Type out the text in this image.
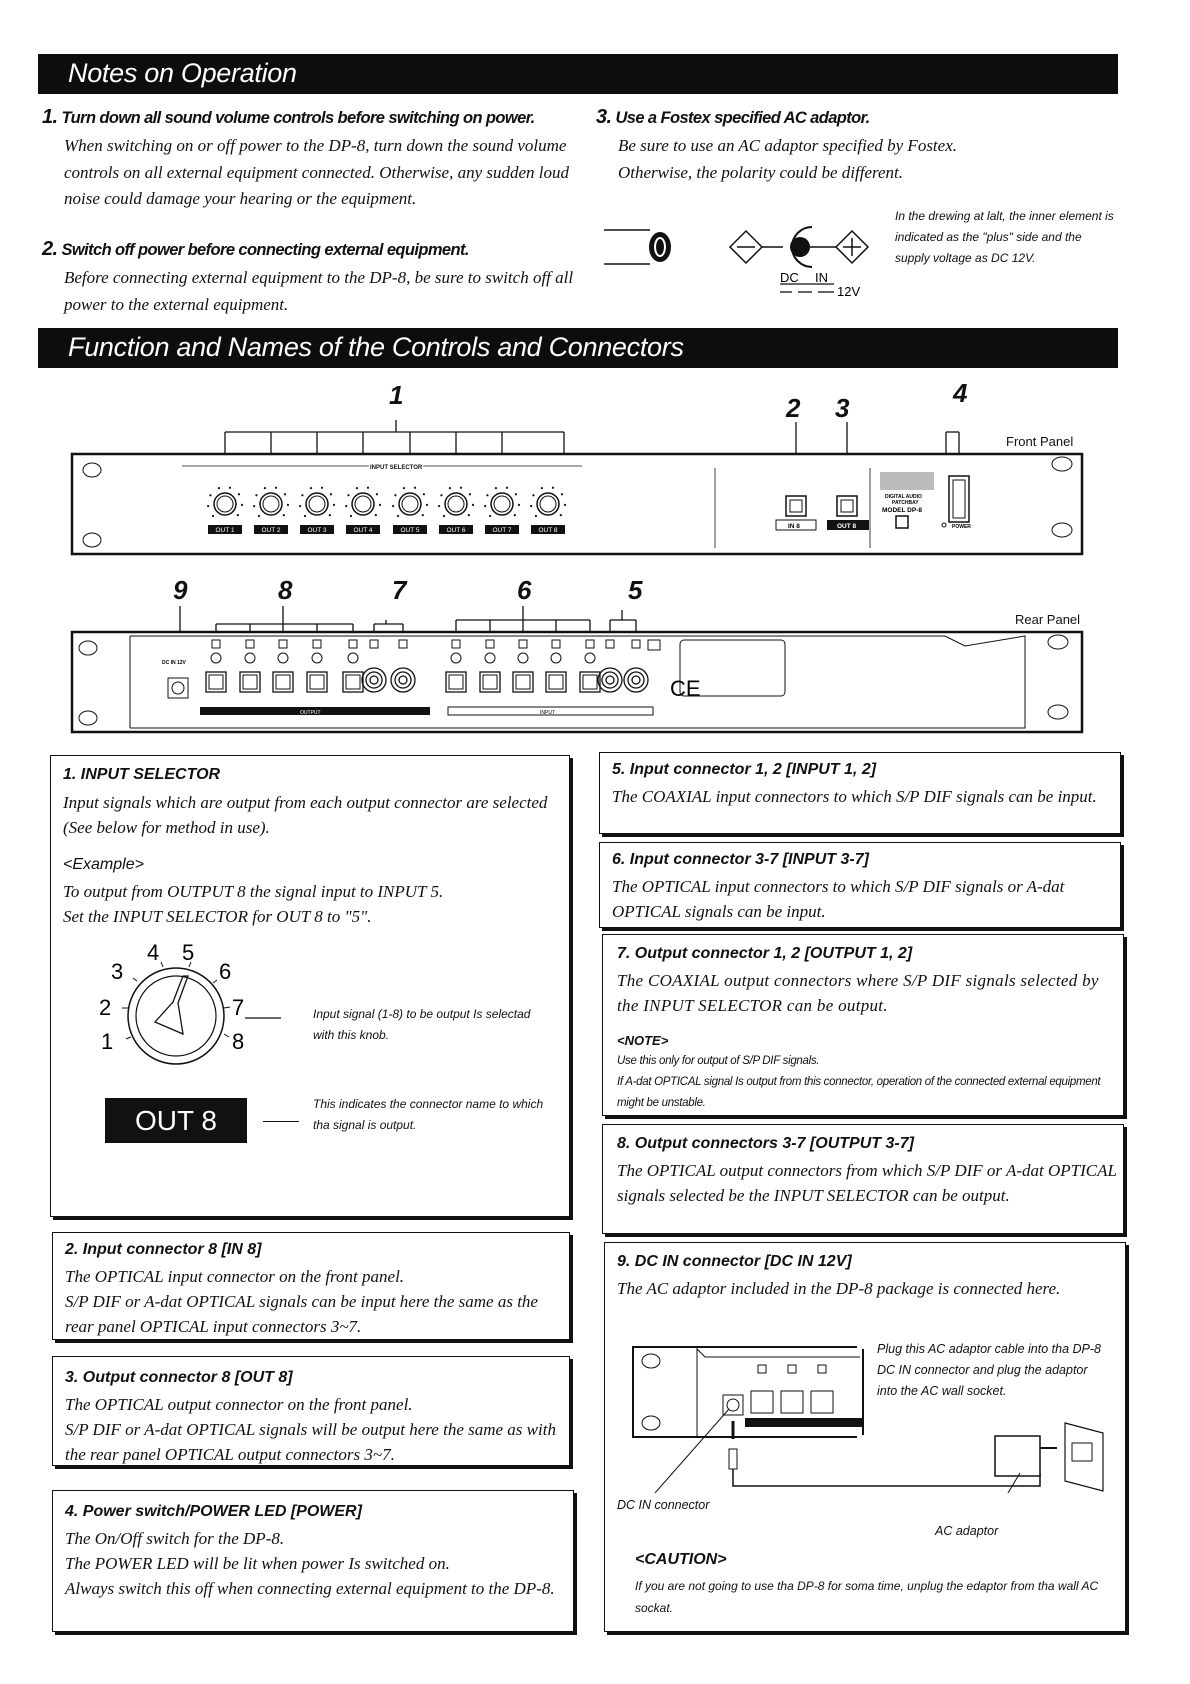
Notes on Operation
1. Turn down all sound volume controls before switching on power.
When switching on or off power to the DP-8, turn down the sound volume controls on all external equipment connected. Otherwise, any sudden loud noise could damage your hearing or the equipment.
2. Switch off power before connecting external equipment.
Before connecting external equipment to the DP-8, be sure to switch off all power to the external equipment.
3. Use a Fostex specified AC adaptor.
Be sure to use an AC adaptor specified by Fostex.
Otherwise, the polarity could be different.
DC IN
12V
In the drewing at lalt, the inner element is indicated as the "plus" side and the supply voltage as DC 12V.
Function and Names of the Controls and Connectors
1	2 3	4
Front Panel
INPUT SELECTOR
OUT 1	OUT 2	OUT 3	OUT 4	OUT 5	OUT 6	OUT 7	OUT 8
IN 8	OUT 8
DIGITAL AUDIO
PATCHBAY
MODEL DP-8
POWER
9	8	7	6	5
Rear Panel
DC IN 12V
OUTPUT	INPUT
CE
1. INPUT SELECTOR
Input signals which are output from each output connector are selected (See below for method in use).
<Example>
To output from OUTPUT 8 the signal input to INPUT 5.
Set the INPUT SELECTOR for OUT 8 to "5".
1
2
3
4 5
6
7
8
Input signal (1-8) to be output Is selectad with this knob.
OUT 8
This indicates the connector name to which tha signal is output.
2. Input connector 8 [IN 8]
The OPTICAL input connector on the front panel.
S/P DIF or A-dat OPTICAL signals can be input here the same as the rear panel OPTICAL input connectors 3~7.
3. Output connector 8 [OUT 8]
The OPTICAL output connector on the front panel.
S/P DIF or A-dat OPTICAL signals will be output here the same as with the rear panel OPTICAL output connectors 3~7.
4. Power switch/POWER LED [POWER]
The On/Off switch for the DP-8.
The POWER LED will be lit when power Is switched on.
Always switch this off when connecting external equipment to the DP-8.
5. Input connector 1, 2 [INPUT 1, 2]
The COAXIAL input connectors to which S/P DIF signals can be input.
6. Input connector 3-7 [INPUT 3-7]
The OPTICAL input connectors to which S/P DIF signals or A-dat OPTICAL signals can be input.
7. Output connector 1, 2 [OUTPUT 1, 2]
The COAXIAL output connectors where S/P DIF signals selected by the INPUT SELECTOR can be output.
<NOTE>
Use this only for output of S/P DIF signals.
If A-dat OPTICAL signal Is output from this connector, operation of the connected external equipment might be unstable.
8. Output connectors 3-7 [OUTPUT 3-7]
The OPTICAL output connectors from which S/P DIF or A-dat OPTICAL signals selected be the INPUT SELECTOR can be output.
9. DC IN connector [DC IN 12V]
The AC adaptor included in the DP-8 package is connected here.
Plug this AC adaptor cable into tha DP-8 DC IN connector and plug the adaptor into the AC wall socket.
DC IN connector
AC adaptor
<CAUTION>
If you are not going to use tha DP-8 for soma time, unplug the edaptor from tha wall AC sockat.
